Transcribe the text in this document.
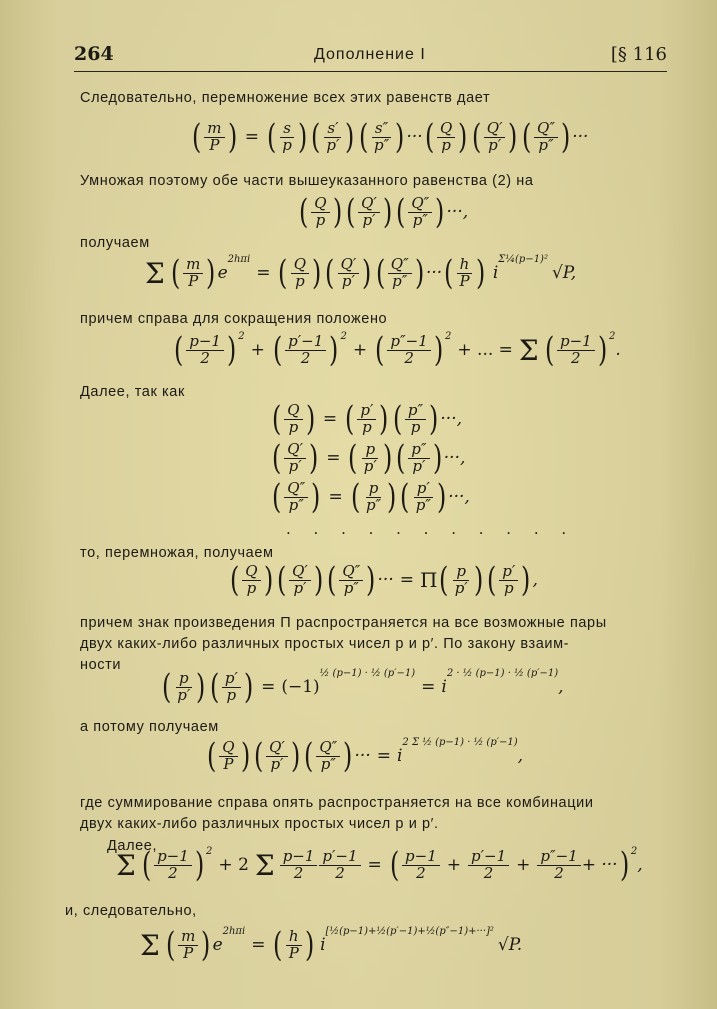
264	Дополнение I	[§ 116
Следовательно, перемножение всех этих равенств дает
( $\frac{m}{P}$ ) = ( $\frac{s}{p}$ ) ( $\frac{s'}{p'}$ ) ( $\frac{s''}{p''}$ ) ··· ( $\frac{Q}{p}$ ) ( $\frac{Q'}{p'}$ ) ( $\frac{Q''}{p''}$ ) ···
Умножая поэтому обе части вышеуказанного равенства (2) на
( $\frac{Q}{p}$ ) ( $\frac{Q'}{p'}$ ) ( $\frac{Q''}{p''}$ ) ···,
получаем
Σ ( $\frac{m}{P}$ ) e
2hπi
= ( $\frac{Q}{p}$ ) ( $\frac{Q'}{p'}$ ) ( $\frac{Q''}{p''}$ ) ··· ( $\frac{h}{P}$ ) i
Σ¼(p−1)²
√P,
причем справа для сокращения положено
( $\frac{p-1}{2}$ ) 2
+ ( $\frac{p'-1}{2}$ ) 2
+ ( $\frac{p''-1}{2}$ ) 2
+ ... = Σ ( $\frac{p-1}{2}$ ) 2
.
Далее, так как
( $\frac{Q}{p}$ ) = ( $\frac{p'}{p}$ ) ( $\frac{p''}{p}$ ) ···,
( $\frac{Q'}{p'}$ ) = ( $\frac{p}{p'}$ ) ( $\frac{p''}{p'}$ ) ···,
( $\frac{Q''}{p''}$ ) = ( $\frac{p}{p''}$ ) ( $\frac{p'}{p''}$ ) ···,
. . . . . . . . . . .
то, перемножая, получаем
( $\frac{Q}{p}$ ) ( $\frac{Q'}{p'}$ ) ( $\frac{Q''}{p''}$ ) ··· = Π ( $\frac{p}{p'}$ ) ( $\frac{p'}{p}$ ) ,
причем знак произведения Π распространяется на все возможные пары
двух каких-либо различных простых чисел p и p′. По закону взаим-
ности
( $\frac{p}{p'}$ ) ( $\frac{p'}{p}$ ) = (−1)
½ (p−1) · ½ (p′−1)
= i
2 · ½ (p−1) · ½ (p′−1)
,
а потому получаем
( $\frac{Q}{P}$ ) ( $\frac{Q'}{p'}$ ) ( $\frac{Q''}{p''}$ ) ··· = i
2 Σ ½ (p−1) · ½ (p′−1)
,
где суммирование справа опять распространяется на все комбинации
двух каких-либо различных простых чисел p и p′.
Далее,
Σ ( $\frac{p-1}{2}$ ) 2
+ 2 Σ $\frac{p-1}{2} \frac{p'-1}{2}$ = ( $\frac{p-1}{2} + \frac{p'-1}{2} + \frac{p''-1}{2}$ + ··· ) 2
,
и, следовательно,
Σ ( $\frac{m}{P}$ ) e
2hπi
= ( $\frac{h}{P}$ ) i
[½(p−1)+½(p′−1)+½(p″−1)+···]²
√P.
